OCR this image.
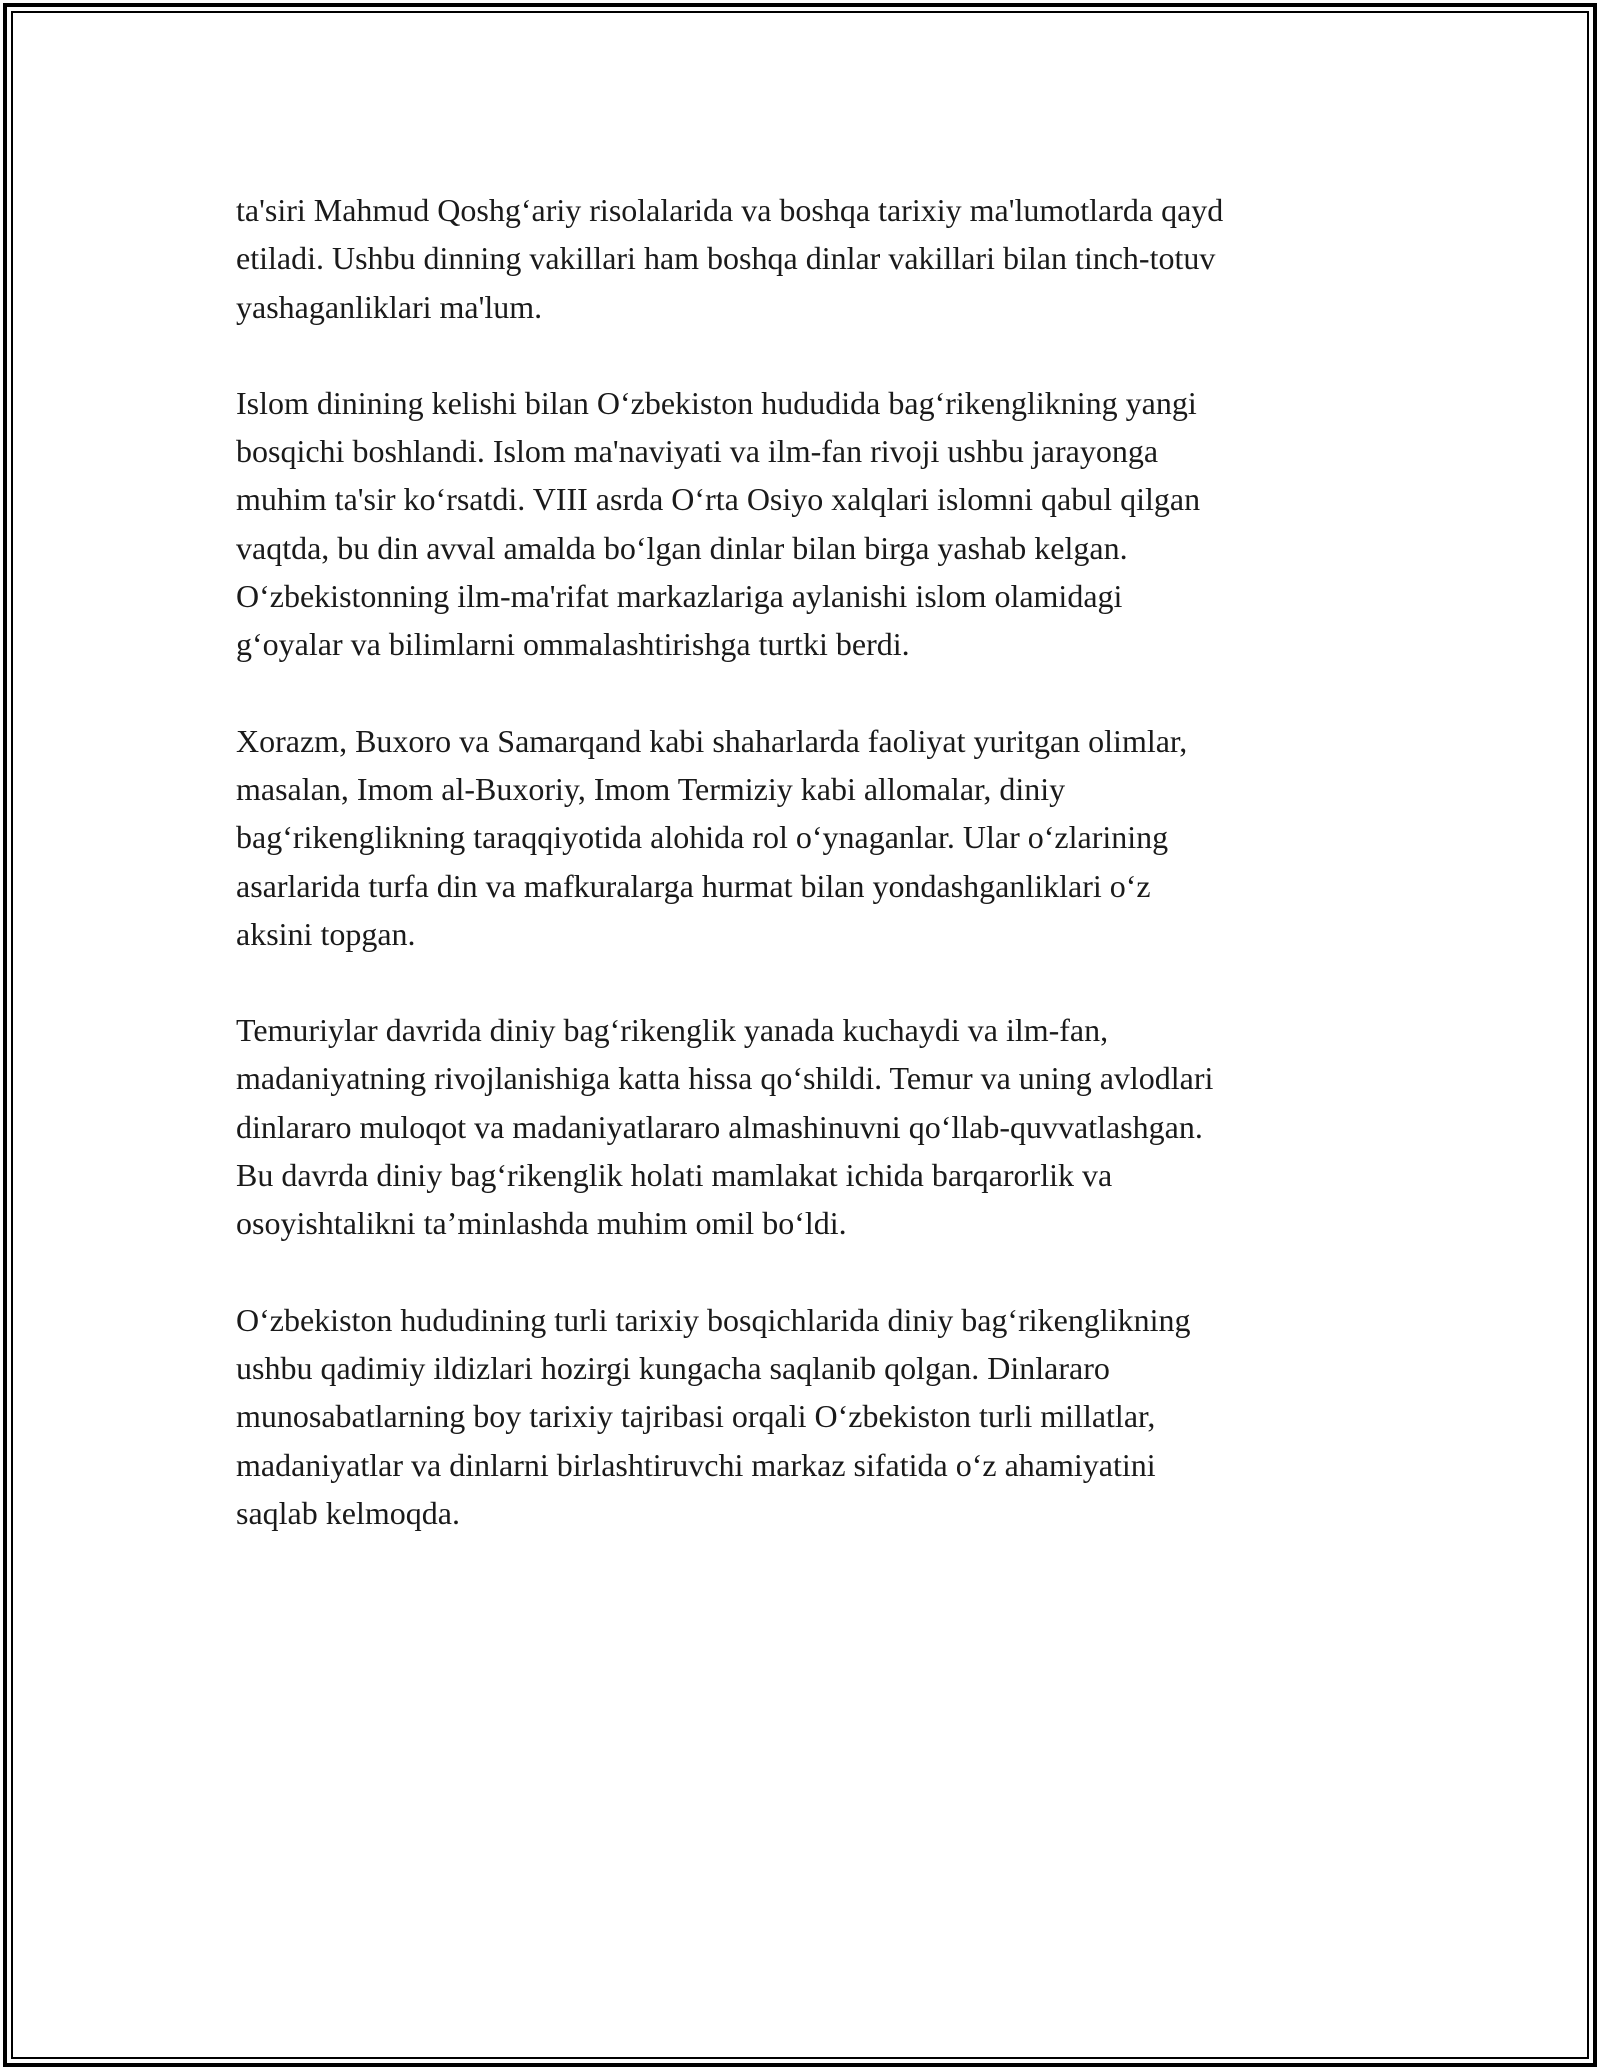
ta'siri Mahmud Qoshg‘ariy risolalarida va boshqa tarixiy ma'lumotlarda qayd
etiladi. Ushbu dinning vakillari ham boshqa dinlar vakillari bilan tinch-totuv
yashaganliklari ma'lum.

Islom dinining kelishi bilan O‘zbekiston hududida bag‘rikenglikning yangi
bosqichi boshlandi. Islom ma'naviyati va ilm-fan rivoji ushbu jarayonga
muhim ta'sir ko‘rsatdi. VIII asrda O‘rta Osiyo xalqlari islomni qabul qilgan
vaqtda, bu din avval amalda bo‘lgan dinlar bilan birga yashab kelgan.
O‘zbekistonning ilm-ma'rifat markazlariga aylanishi islom olamidagi
g‘oyalar va bilimlarni ommalashtirishga turtki berdi.

Xorazm, Buxoro va Samarqand kabi shaharlarda faoliyat yuritgan olimlar,
masalan, Imom al-Buxoriy, Imom Termiziy kabi allomalar, diniy
bag‘rikenglikning taraqqiyotida alohida rol o‘ynaganlar. Ular o‘zlarining
asarlarida turfa din va mafkuralarga hurmat bilan yondashganliklari o‘z
aksini topgan.

Temuriylar davrida diniy bag‘rikenglik yanada kuchaydi va ilm-fan,
madaniyatning rivojlanishiga katta hissa qo‘shildi. Temur va uning avlodlari
dinlararo muloqot va madaniyatlararo almashinuvni qo‘llab-quvvatlashgan.
Bu davrda diniy bag‘rikenglik holati mamlakat ichida barqarorlik va
osoyishtalikni ta’minlashda muhim omil bo‘ldi.

O‘zbekiston hududining turli tarixiy bosqichlarida diniy bag‘rikenglikning
ushbu qadimiy ildizlari hozirgi kungacha saqlanib qolgan. Dinlararo
munosabatlarning boy tarixiy tajribasi orqali O‘zbekiston turli millatlar,
madaniyatlar va dinlarni birlashtiruvchi markaz sifatida o‘z ahamiyatini
saqlab kelmoqda.
